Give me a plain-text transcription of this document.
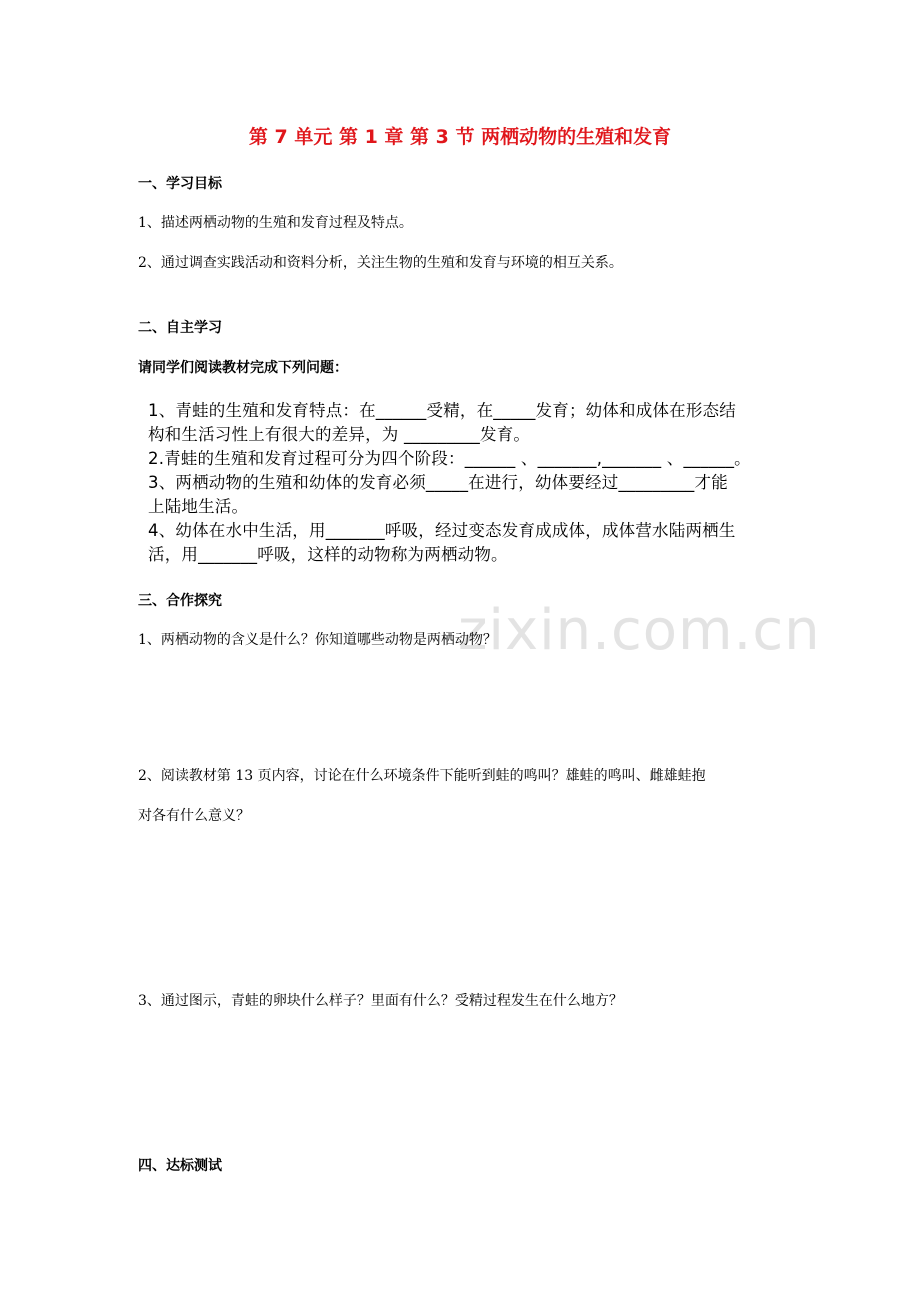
zixin.com.cn
第 7 单元 第 1 章 第 3 节 两栖动物的生殖和发育
一、学习目标
1、描述两栖动物的生殖和发育过程及特点。
2、通过调查实践活动和资料分析，关注生物的生殖和发育与环境的相互关系。
二、自主学习
请同学们阅读教材完成下列问题：
1、青蛙的生殖和发育特点：在______受精，在_____发育；幼体和成体在形态结
构和生活习性上有很大的差异，为 _________发育。
2.青蛙的生殖和发育过程可分为四个阶段：______ 、_______,_______ 、______。
3、两栖动物的生殖和幼体的发育必须_____在进行，幼体要经过_________才能
上陆地生活。
4、幼体在水中生活，用_______呼吸，经过变态发育成成体，成体营水陆两栖生
活，用_______呼吸，这样的动物称为两栖动物。
三、合作探究
1、两栖动物的含义是什么？你知道哪些动物是两栖动物？
2、阅读教材第 13 页内容，讨论在什么环境条件下能听到蛙的鸣叫？雄蛙的鸣叫、雌雄蛙抱
对各有什么意义？
3、通过图示，青蛙的卵块什么样子？里面有什么？受精过程发生在什么地方？
四、达标测试
